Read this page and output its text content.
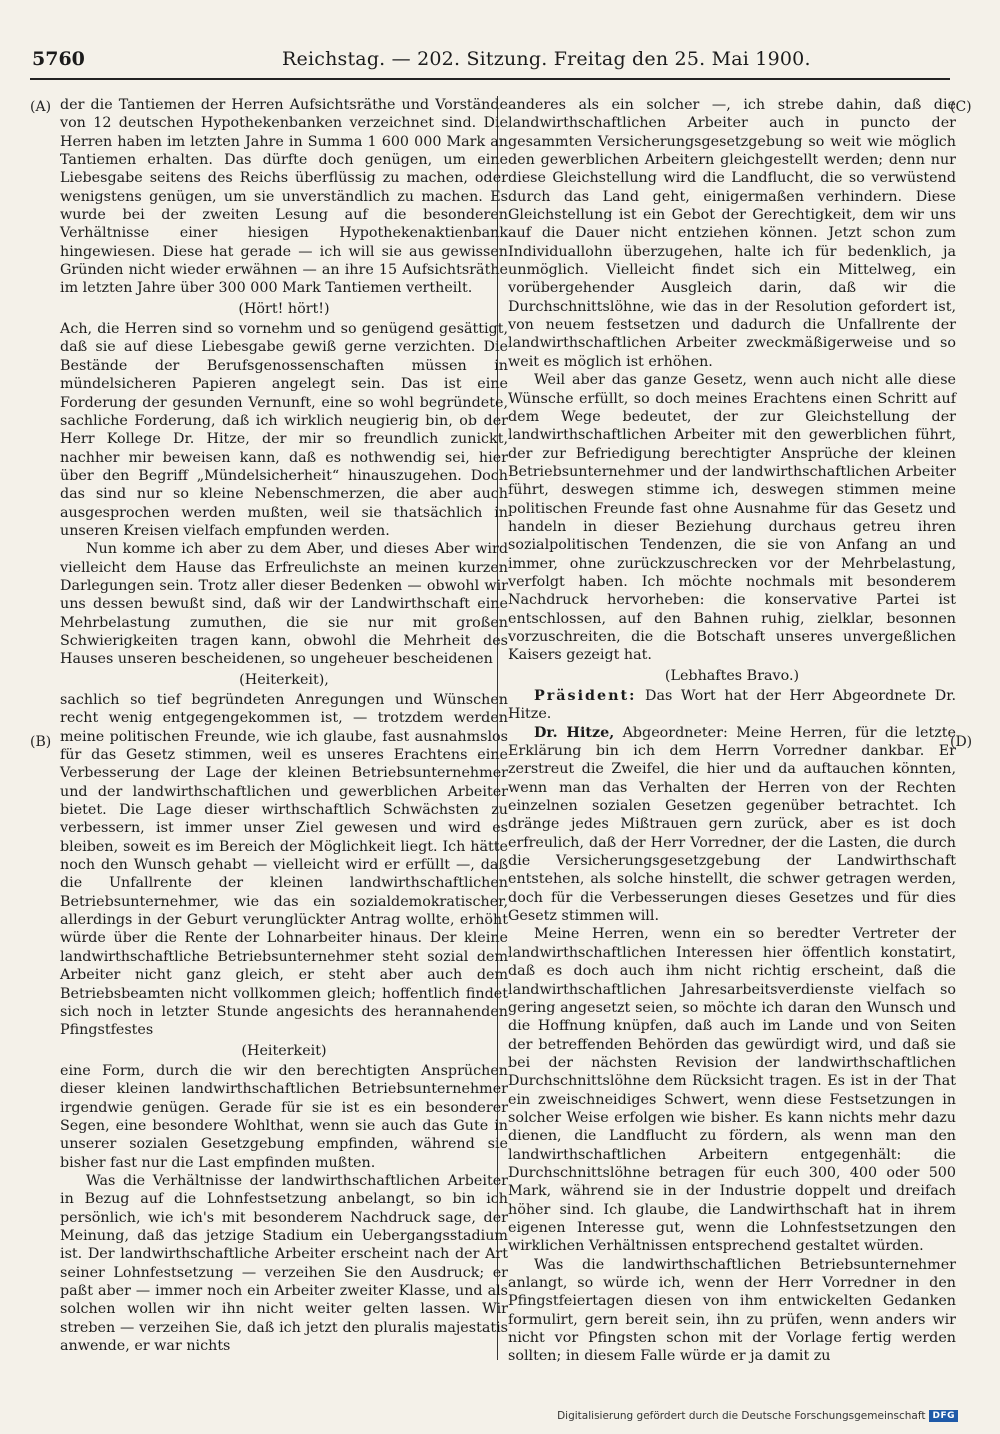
5760	Reichstag. — 202. Sitzung. Freitag den 25. Mai 1900.
(A)
(B)
(C)
(D)

der die Tantiemen der Herren Aufsichtsräthe und Vorstände von 12 deutschen Hypothekenbanken verzeichnet sind. Die Herren haben im letzten Jahre in Summa 1 600 000 Mark an Tantiemen erhalten. Das dürfte doch genügen, um eine Liebesgabe seitens des Reichs überflüssig zu machen, oder wenigstens genügen, um sie unverständlich zu machen. Es wurde bei der zweiten Lesung auf die besonderen Verhältnisse einer hiesigen Hypothekenaktienbank hingewiesen. Diese hat gerade — ich will sie aus gewissen Gründen nicht wieder erwähnen — an ihre 15 Aufsichtsräthe im letzten Jahre über 300 000 Mark Tantiemen vertheilt.

(Hört! hört!)

Ach, die Herren sind so vornehm und so genügend gesättigt, daß sie auf diese Liebesgabe gewiß gerne verzichten. Die Bestände der Berufsgenossenschaften müssen in mündelsicheren Papieren angelegt sein. Das ist eine Forderung der gesunden Vernunft, eine so wohl begründete, sachliche Forderung, daß ich wirklich neugierig bin, ob der Herr Kollege Dr. Hitze, der mir so freundlich zunickt, nachher mir beweisen kann, daß es nothwendig sei, hier über den Begriff „Mündelsicherheit“ hinauszugehen. Doch das sind nur so kleine Nebenschmerzen, die aber auch ausgesprochen werden mußten, weil sie thatsächlich in unseren Kreisen vielfach empfunden werden.

Nun komme ich aber zu dem Aber, und dieses Aber wird vielleicht dem Hause das Erfreulichste an meinen kurzen Darlegungen sein. Trotz aller dieser Bedenken — obwohl wir uns dessen bewußt sind, daß wir der Landwirthschaft eine Mehrbelastung zumuthen, die sie nur mit großen Schwierigkeiten tragen kann, obwohl die Mehrheit des Hauses unseren bescheidenen, so ungeheuer bescheidenen

(Heiterkeit),

sachlich so tief begründeten Anregungen und Wünschen recht wenig entgegengekommen ist, — trotzdem werden meine politischen Freunde, wie ich glaube, fast ausnahmslos für das Gesetz stimmen, weil es unseres Erachtens eine Verbesserung der Lage der kleinen Betriebsunternehmer und der landwirthschaftlichen und gewerblichen Arbeiter bietet. Die Lage dieser wirthschaftlich Schwächsten zu verbessern, ist immer unser Ziel gewesen und wird es bleiben, soweit es im Bereich der Möglichkeit liegt. Ich hätte noch den Wunsch gehabt — vielleicht wird er erfüllt —, daß die Unfallrente der kleinen landwirthschaftlichen Betriebsunternehmer, wie das ein sozialdemokratischer, allerdings in der Geburt verunglückter Antrag wollte, erhöht würde über die Rente der Lohnarbeiter hinaus. Der kleine landwirthschaftliche Betriebsunternehmer steht sozial dem Arbeiter nicht ganz gleich, er steht aber auch dem Betriebsbeamten nicht vollkommen gleich; hoffentlich findet sich noch in letzter Stunde angesichts des herannahenden Pfingstfestes

(Heiterkeit)

eine Form, durch die wir den berechtigten Ansprüchen dieser kleinen landwirthschaftlichen Betriebsunternehmer irgendwie genügen. Gerade für sie ist es ein besonderer Segen, eine besondere Wohlthat, wenn sie auch das Gute in unserer sozialen Gesetzgebung empfinden, während sie bisher fast nur die Last empfinden mußten.

Was die Verhältnisse der landwirthschaftlichen Arbeiter in Bezug auf die Lohnfestsetzung anbelangt, so bin ich persönlich, wie ich's mit besonderem Nachdruck sage, der Meinung, daß das jetzige Stadium ein Uebergangsstadium ist. Der landwirthschaftliche Arbeiter erscheint nach der Art seiner Lohnfestsetzung — verzeihen Sie den Ausdruck; er paßt aber — immer noch ein Arbeiter zweiter Klasse, und als solchen wollen wir ihn nicht weiter gelten lassen. Wir streben — verzeihen Sie, daß ich jetzt den pluralis majestatis anwende, er war nichts

anderes als ein solcher —, ich strebe dahin, daß die landwirthschaftlichen Arbeiter auch in puncto der gesammten Versicherungsgesetzgebung so weit wie möglich den gewerblichen Arbeitern gleichgestellt werden; denn nur diese Gleichstellung wird die Landflucht, die so verwüstend durch das Land geht, einigermaßen verhindern. Diese Gleichstellung ist ein Gebot der Gerechtigkeit, dem wir uns auf die Dauer nicht entziehen können. Jetzt schon zum Individuallohn überzugehen, halte ich für bedenklich, ja unmöglich. Vielleicht findet sich ein Mittelweg, ein vorübergehender Ausgleich darin, daß wir die Durchschnittslöhne, wie das in der Resolution gefordert ist, von neuem festsetzen und dadurch die Unfallrente der landwirthschaftlichen Arbeiter zweckmäßigerweise und so weit es möglich ist erhöhen.

Weil aber das ganze Gesetz, wenn auch nicht alle diese Wünsche erfüllt, so doch meines Erachtens einen Schritt auf dem Wege bedeutet, der zur Gleichstellung der landwirthschaftlichen Arbeiter mit den gewerblichen führt, der zur Befriedigung berechtigter Ansprüche der kleinen Betriebsunternehmer und der landwirthschaftlichen Arbeiter führt, deswegen stimme ich, deswegen stimmen meine politischen Freunde fast ohne Ausnahme für das Gesetz und handeln in dieser Beziehung durchaus getreu ihren sozialpolitischen Tendenzen, die sie von Anfang an und immer, ohne zurückzuschrecken vor der Mehrbelastung, verfolgt haben. Ich möchte nochmals mit besonderem Nachdruck hervorheben: die konservative Partei ist entschlossen, auf den Bahnen ruhig, zielklar, besonnen vorzuschreiten, die die Botschaft unseres unvergeßlichen Kaisers gezeigt hat.

(Lebhaftes Bravo.)

Präsident: Das Wort hat der Herr Abgeordnete Dr. Hitze.

Dr. Hitze, Abgeordneter: Meine Herren, für die letzte Erklärung bin ich dem Herrn Vorredner dankbar. Er zerstreut die Zweifel, die hier und da auftauchen könnten, wenn man das Verhalten der Herren von der Rechten einzelnen sozialen Gesetzen gegenüber betrachtet. Ich dränge jedes Mißtrauen gern zurück, aber es ist doch erfreulich, daß der Herr Vorredner, der die Lasten, die durch die Versicherungsgesetzgebung der Landwirthschaft entstehen, als solche hinstellt, die schwer getragen werden, doch für die Verbesserungen dieses Gesetzes und für dies Gesetz stimmen will.

Meine Herren, wenn ein so beredter Vertreter der landwirthschaftlichen Interessen hier öffentlich konstatirt, daß es doch auch ihm nicht richtig erscheint, daß die landwirthschaftlichen Jahresarbeitsverdienste vielfach so gering angesetzt seien, so möchte ich daran den Wunsch und die Hoffnung knüpfen, daß auch im Lande und von Seiten der betreffenden Behörden das gewürdigt wird, und daß sie bei der nächsten Revision der landwirthschaftlichen Durchschnittslöhne dem Rücksicht tragen. Es ist in der That ein zweischneidiges Schwert, wenn diese Festsetzungen in solcher Weise erfolgen wie bisher. Es kann nichts mehr dazu dienen, die Landflucht zu fördern, als wenn man den landwirthschaftlichen Arbeitern entgegenhält: die Durchschnittslöhne betragen für euch 300, 400 oder 500 Mark, während sie in der Industrie doppelt und dreifach höher sind. Ich glaube, die Landwirthschaft hat in ihrem eigenen Interesse gut, wenn die Lohnfestsetzungen den wirklichen Verhältnissen entsprechend gestaltet würden.

Was die landwirthschaftlichen Betriebsunternehmer anlangt, so würde ich, wenn der Herr Vorredner in den Pfingstfeiertagen diesen von ihm entwickelten Gedanken formulirt, gern bereit sein, ihn zu prüfen, wenn anders wir nicht vor Pfingsten schon mit der Vorlage fertig werden sollten; in diesem Falle würde er ja damit zu

Digitalisierung gefördert durch die Deutsche Forschungsgemeinschaft DFG
